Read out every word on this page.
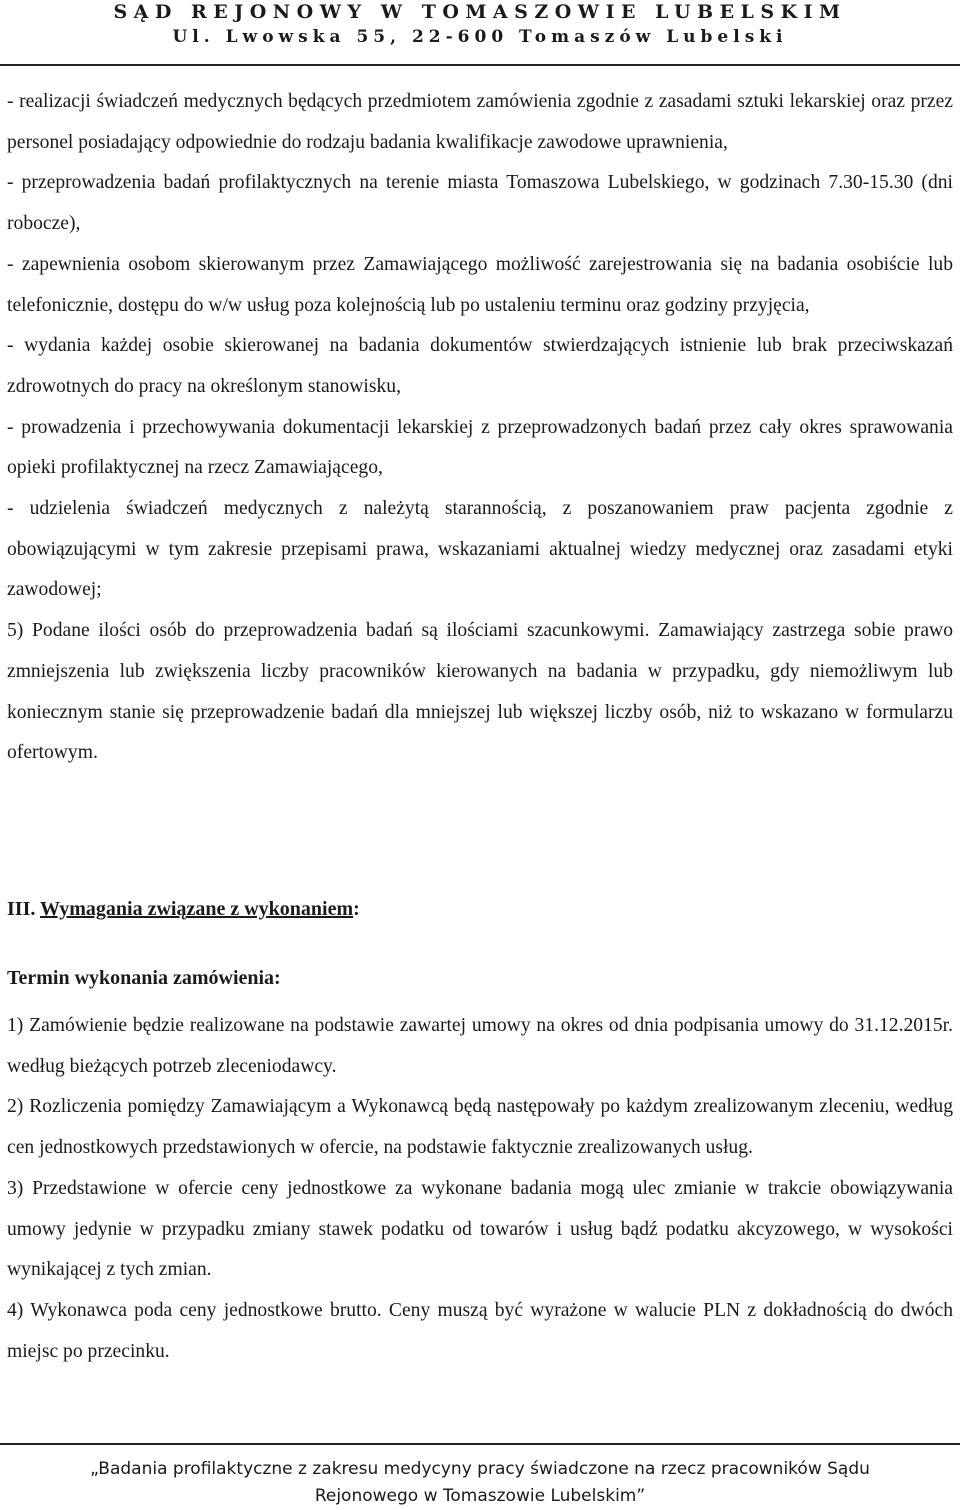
SĄD REJONOWY W TOMASZOWIE LUBELSKIM
Ul. Lwowska 55, 22-600 Tomaszów Lubelski

- realizacji świadczeń medycznych będących przedmiotem zamówienia zgodnie z zasadami sztuki lekarskiej oraz przez personel posiadający odpowiednie do rodzaju badania kwalifikacje zawodowe uprawnienia,

- przeprowadzenia badań profilaktycznych na terenie miasta Tomaszowa Lubelskiego, w godzinach 7.30-15.30 (dni robocze),

- zapewnienia osobom skierowanym przez Zamawiającego możliwość zarejestrowania się na badania osobiście lub telefonicznie, dostępu do w/w usług poza kolejnością lub po ustaleniu terminu oraz godziny przyjęcia,

- wydania każdej osobie skierowanej na badania dokumentów stwierdzających istnienie lub brak przeciwskazań zdrowotnych do pracy na określonym stanowisku,

- prowadzenia i przechowywania dokumentacji lekarskiej z przeprowadzonych badań przez cały okres sprawowania opieki profilaktycznej na rzecz Zamawiającego,

- udzielenia świadczeń medycznych z należytą starannością, z poszanowaniem praw pacjenta zgodnie z obowiązującymi w tym zakresie przepisami prawa, wskazaniami aktualnej wiedzy medycznej oraz zasadami etyki zawodowej;

5) Podane ilości osób do przeprowadzenia badań są ilościami szacunkowymi. Zamawiający zastrzega sobie prawo zmniejszenia lub zwiększenia liczby pracowników kierowanych na badania w przypadku, gdy niemożliwym lub koniecznym stanie się przeprowadzenie badań dla mniejszej lub większej liczby osób, niż to wskazano w formularzu ofertowym.

III. Wymagania związane z wykonaniem:
Termin wykonania zamówienia:

1) Zamówienie będzie realizowane na podstawie zawartej umowy na okres od dnia podpisania umowy do 31.12.2015r. według bieżących potrzeb zleceniodawcy.

2) Rozliczenia pomiędzy Zamawiającym a Wykonawcą będą następowały po każdym zrealizowanym zleceniu, według cen jednostkowych przedstawionych w ofercie, na podstawie faktycznie zrealizowanych usług.

3) Przedstawione w ofercie ceny jednostkowe za wykonane badania mogą ulec zmianie w trakcie obowiązywania umowy jedynie w przypadku zmiany stawek podatku od towarów i usług bądź podatku akcyzowego, w wysokości wynikającej z tych zmian.

4) Wykonawca poda ceny jednostkowe brutto. Ceny muszą być wyrażone w walucie PLN z dokładnością do dwóch miejsc po przecinku.

„Badania profilaktyczne z zakresu medycyny pracy świadczone na rzecz pracowników Sądu
Rejonowego w Tomaszowie Lubelskim”
